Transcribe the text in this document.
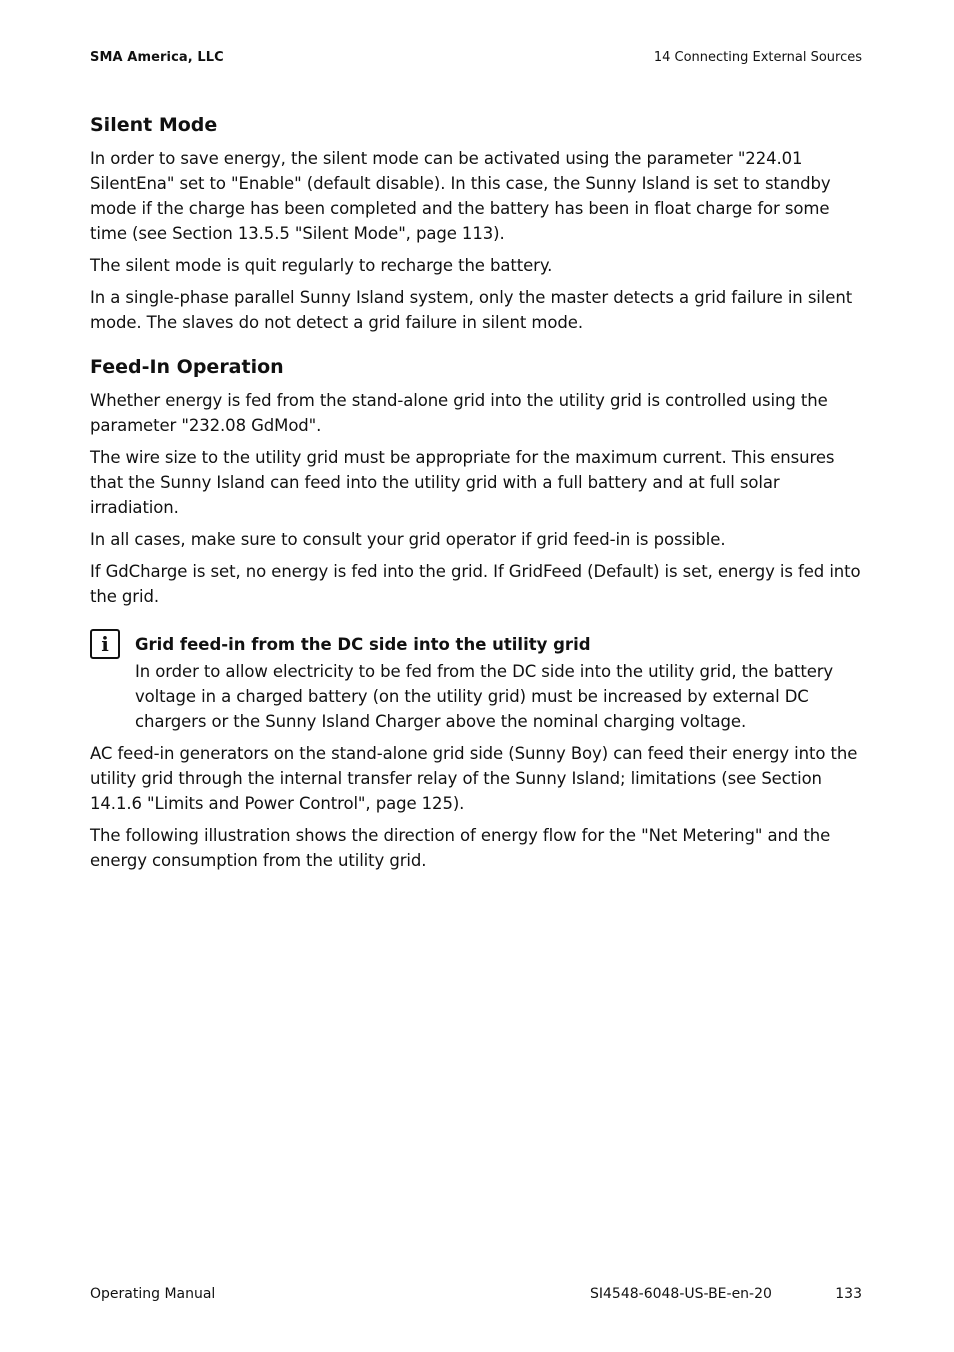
SMA America, LLC	14 Connecting External Sources
Silent Mode

In order to save energy, the silent mode can be activated using the parameter "224.01 SilentEna" set to "Enable" (default disable). In this case, the Sunny Island is set to standby mode if the charge has been completed and the battery has been in float charge for some time (see Section 13.5.5 "Silent Mode", page 113).

The silent mode is quit regularly to recharge the battery.

In a single-phase parallel Sunny Island system, only the master detects a grid failure in silent mode. The slaves do not detect a grid failure in silent mode.

Feed-In Operation

Whether energy is fed from the stand-alone grid into the utility grid is controlled using the parameter "232.08 GdMod".

The wire size to the utility grid must be appropriate for the maximum current. This ensures that the Sunny Island can feed into the utility grid with a full battery and at full solar irradiation.

In all cases, make sure to consult your grid operator if grid feed-in is possible.

If GdCharge is set, no energy is fed into the grid. If GridFeed (Default) is set, energy is fed into the grid.

i	Grid feed-in from the DC side into the utility grid

In order to allow electricity to be fed from the DC side into the utility grid, the battery voltage in a charged battery (on the utility grid) must be increased by external DC chargers or the Sunny Island Charger above the nominal charging voltage.

AC feed-in generators on the stand-alone grid side (Sunny Boy) can feed their energy into the utility grid through the internal transfer relay of the Sunny Island; limitations (see Section 14.1.6 "Limits and Power Control", page 125).

The following illustration shows the direction of energy flow for the "Net Metering" and the energy consumption from the utility grid.

Operating Manual	SI4548-6048-US-BE-en-20	133
